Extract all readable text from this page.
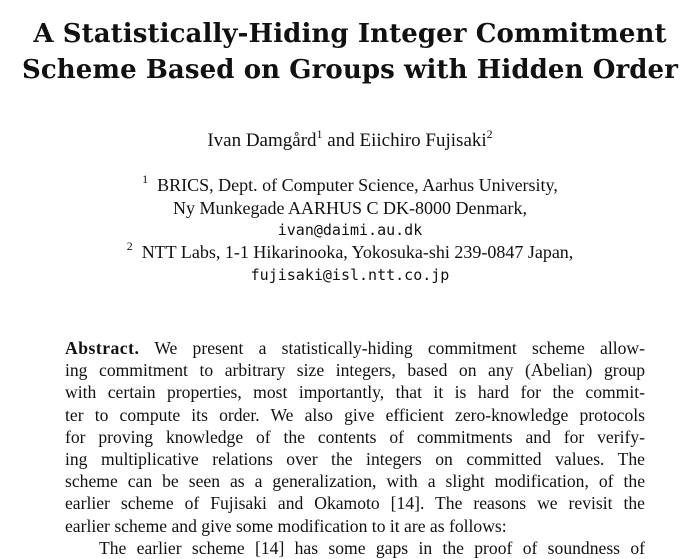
A Statistically-Hiding Integer Commitment
Scheme Based on Groups with Hidden Order
Ivan Damgård$^1$ and Eiichiro Fujisaki$^2$
$^1$ BRICS, Dept. of Computer Science, Aarhus University,
Ny Munkegade AARHUS C DK-8000 Denmark,
ivan@daimi.au.dk
$^2$ NTT Labs, 1-1 Hikarinooka, Yokosuka-shi 239-0847 Japan,
fujisaki@isl.ntt.co.jp
Abstract. We present a statistically-hiding commitment scheme allow-
ing commitment to arbitrary size integers, based on any (Abelian) group
with certain properties, most importantly, that it is hard for the commit-
ter to compute its order. We also give efficient zero-knowledge protocols
for proving knowledge of the contents of commitments and for verify-
ing multiplicative relations over the integers on committed values. The
scheme can be seen as a generalization, with a slight modification, of the
earlier scheme of Fujisaki and Okamoto [14]. The reasons we revisit the
earlier scheme and give some modification to it are as follows:
The earlier scheme [14] has some gaps in the proof of soundness of
